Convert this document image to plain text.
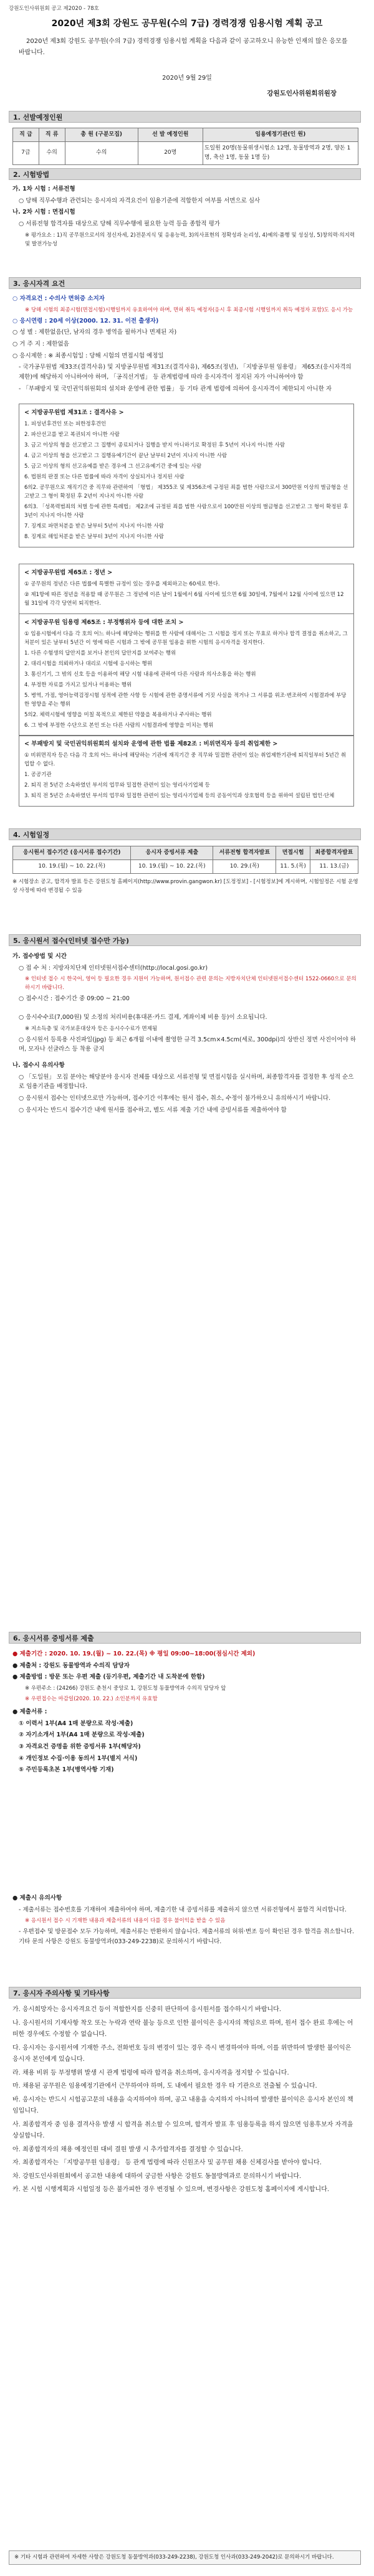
강원도인사위원회 공고 제2020 - 78호
2020년 제3회 강원도 공무원(수의 7급) 경력경쟁 임용시험 계획 공고

2020년 제3회 강원도 공무원(수의 7급) 경력경쟁 임용시험 계획을 다음과 같이 공고하오니 유능한 인재의 많은 응모를 바랍니다.

2020년 9월 29일
강원도인사위원회위원장
1. 선발예정인원
직 급	직 류	총 원 (구분모집)	선 발 예정인원	임용예정기관(인 원)
7급	수의	수의	20명	도일원 20명(동물위생시험소 12명, 동물방역과 2명, 양돈 1명, 축산 1명, 동물 1명 등)
2. 시험방법

가. 1차 시험 : 서류전형

○ 당해 직무수행과 관련되는 응시자의 자격요건이 임용기준에 적합한지 여부를 서면으로 심사

나. 2차 시험 : 면접시험

○ 서류전형 합격자를 대상으로 당해 직무수행에 필요한 능력 등을 종합적 평가

※ 평가요소 : 1)직 공무원으로서의 정신자세, 2)전문지식 및 응용능력, 3)의사표현의 정확성과 논리성, 4)예의·품행 및 성실성, 5)창의력·의지력 및 발전가능성

3. 응시자격 요건

○ 자격요건 : 수의사 면허증 소지자

※ 당해 시험의 최종시험(면접시험)시행일까지 유효하여야 하며, 면허 취득 예정자(응시 후 최종시험 시행일까지 취득 예정자 포함)도 응시 가능

○ 응시연령 : 20세 이상(2000. 12. 31. 이전 출생자)

○ 성 별 : 제한없음(단, 남자의 경우 병역을 필하거나 면제된 자)

○ 거 주 지 : 제한없음

○ 응시제한 : ※ 최종시험일 : 당해 시험의 면접시험 예정일

- 국가공무원법 제33조(결격사유) 및 지방공무원법 제31조(결격사유), 제65조(정년), 「지방공무원 임용령」 제65조(응시자격의 제한)에 해당하지 아니하여야 하며, 「공직선거법」 등 관계법령에 따라 응시자격이 정지된 자가 아니하여야 함

- 「부패방지 및 국민권익위원회의 설치와 운영에 관한 법률」 등 기타 관계 법령에 의하여 응시자격이 제한되지 아니한 자

< 지방공무원법 제31조 : 결격사유 >

1. 피성년후견인 또는 피한정후견인

2. 파산선고를 받고 복권되지 아니한 사람

3. 금고 이상의 형을 선고받고 그 집행이 종료되거나 집행을 받지 아니하기로 확정된 후 5년이 지나지 아니한 사람

4. 금고 이상의 형을 선고받고 그 집행유예기간이 끝난 날부터 2년이 지나지 아니한 사람

5. 금고 이상의 형의 선고유예를 받은 경우에 그 선고유예기간 중에 있는 사람

6. 법원의 판결 또는 다른 법률에 따라 자격이 상실되거나 정지된 사람

6의2. 공무원으로 재직기간 중 직무와 관련하여 「형법」 제355조 및 제356조에 규정된 죄를 범한 사람으로서 300만원 이상의 벌금형을 선고받고 그 형이 확정된 후 2년이 지나지 아니한 사람

6의3. 「성폭력범죄의 처벌 등에 관한 특례법」 제2조에 규정된 죄를 범한 사람으로서 100만원 이상의 벌금형을 선고받고 그 형이 확정된 후 3년이 지나지 아니한 사람

7. 징계로 파면처분을 받은 날부터 5년이 지나지 아니한 사람

8. 징계로 해임처분을 받은 날부터 3년이 지나지 아니한 사람

< 지방공무원법 제65조 : 정년 >

① 공무원의 정년은 다른 법률에 특별한 규정이 있는 경우를 제외하고는 60세로 한다.

② 제1항에 따른 정년을 적용할 때 공무원은 그 정년에 이른 날이 1월에서 6월 사이에 있으면 6월 30일에, 7월에서 12월 사이에 있으면 12월 31일에 각각 당연히 퇴직한다.

< 지방공무원 임용령 제65조 : 부정행위자 등에 대한 조치 >

① 임용시험에서 다음 각 호의 어느 하나에 해당하는 행위를 한 사람에 대해서는 그 시험을 정지 또는 무효로 하거나 합격 결정을 취소하고, 그 처분이 있은 날부터 5년간 이 영에 따른 시험과 그 밖에 공무원 임용을 위한 시험의 응시자격을 정지한다.

1. 다른 수험생의 답안지를 보거나 본인의 답안지를 보여주는 행위

2. 대리시험을 의뢰하거나 대리로 시험에 응시하는 행위

3. 통신기기, 그 밖의 신호 등을 이용하여 해당 시험 내용에 관하여 다른 사람과 의사소통을 하는 행위

4. 부정한 자료를 가지고 있거나 이용하는 행위

5. 병역, 가점, 영어능력검정시험 성적에 관한 사항 등 시험에 관한 증명서류에 거짓 사실을 적거나 그 서류를 위조·변조하여 시험결과에 부당한 영향을 주는 행위

5의2. 체력시험에 영향을 미칠 목적으로 제한된 약물을 복용하거나 주사하는 행위

6. 그 밖에 부정한 수단으로 본인 또는 다른 사람의 시험결과에 영향을 미치는 행위

< 부패방지 및 국민권익위원회의 설치와 운영에 관한 법률 제82조 : 비위면직자 등의 취업제한 >

① 비위면직자 등은 다음 각 호의 어느 하나에 해당하는 기관에 재직기간 중 직무와 밀접한 관련이 있는 취업제한기관에 퇴직일부터 5년간 취업할 수 없다.

1. 공공기관

2. 퇴직 전 5년간 소속하였던 부서의 업무와 밀접한 관련이 있는 영리사기업체 등

3. 퇴직 전 5년간 소속하였던 부서의 업무와 밀접한 관련이 있는 영리사기업체 등의 공동이익과 상호협력 등을 위하여 설립된 법인·단체

4. 시험일정
응시원서 접수기간 (응시서류 접수기간)	응시자 증빙서류 제출	서류전형 합격자발표	면접시험	최종합격자발표
10. 19.(월) ~ 10. 22.(목)	10. 19.(월) ~ 10. 22.(목)	10. 29.(목)	11. 5.(목)	11. 13.(금)

※ 시험장소 공고, 합격자 발표 등은 강원도청 홈페이지(http://www.provin.gangwon.kr) [도정정보] - [시험정보]에 게시하며, 시험일정은 시험 운영상 사정에 따라 변경될 수 있음

5. 응시원서 접수(인터넷 접수만 가능)

가. 접수방법 및 시간

○ 접 수 처 : 지방자치단체 인터넷원서접수센터(http://local.gosi.go.kr)

※ 인터넷 접수 시 한국어, 영어 등 필요한 경우 지원이 가능하며, 원서접수 관련 문의는 지방자치단체 인터넷원서접수센터 1522-0660으로 문의하시기 바랍니다.

○ 접수시간 : 접수기간 중 09:00 ~ 21:00

○ 응시수수료(7,000원) 및 소정의 처리비용(휴대폰·카드 결제, 계좌이체 비용 등)이 소요됩니다.

※ 저소득층 및 국가보훈대상자 등은 응시수수료가 면제됨

○ 응시원서 등록용 사진파일(jpg) 등 최근 6개월 이내에 촬영한 규격 3.5cm×4.5cm(세로, 300dpi)의 상반신 정면 사진이어야 하며, 모자나 선글라스 등 착용 금지

나. 접수시 유의사항

○ 「도일원」 모집 분야는 해당분야 응시자 전체를 대상으로 서류전형 및 면접시험을 실시하며, 최종합격자를 결정한 후 성적 순으로 임용기관을 배정합니다.

○ 응시원서 접수는 인터넷으로만 가능하며, 접수기간 이후에는 원서 접수, 취소, 수정이 불가하오니 유의하시기 바랍니다.

○ 응시자는 반드시 접수기간 내에 원서를 접수하고, 별도 서류 제출 기간 내에 증빙서류를 제출하여야 함

6. 응시서류 증빙서류 제출

● 제출기간 : 2020. 10. 19.(월) ~ 10. 22.(목) ※ 평일 09:00~18:00(점심시간 제외)

● 제출처 : 강원도 동물방역과 수의직 담당자

● 제출방법 : 방문 또는 우편 제출 (등기우편, 제출기간 내 도착분에 한함)

※ 우편주소 : (24266) 강원도 춘천시 중앙로 1, 강원도청 동물방역과 수의직 담당자 앞

※ 우편접수는 마감일(2020. 10. 22.) 소인분까지 유효함

● 제출서류 :

① 이력서 1부(A4 1매 분량으로 작성·제출)

② 자기소개서 1부(A4 1매 분량으로 작성·제출)

③ 자격요건 증명을 위한 증빙서류 1부(해당자)

④ 개인정보 수집·이용 동의서 1부(별지 서식)

⑤ 주민등록초본 1부(병역사항 기재)

● 제출시 유의사항

- 제출서류는 접수번호를 기재하여 제출하여야 하며, 제출기한 내 증빙서류를 제출하지 않으면 서류전형에서 불합격 처리합니다.

※ 응시원서 접수 시 기재한 내용과 제출서류의 내용이 다를 경우 불이익을 받을 수 있음

- 우편접수 및 방문접수 모두 가능하며, 제출서류는 반환하지 않습니다. 제출서류의 허위·변조 등이 확인된 경우 합격을 취소합니다. 기타 문의 사항은 강원도 동물방역과(033-249-2238)로 문의하시기 바랍니다.

7. 응시자 주의사항 및 기타사항

가. 응시희망자는 응시자격요건 등이 적합한지를 신중히 판단하여 응시원서를 접수하시기 바랍니다.

나. 응시원서의 기재사항 착오 또는 누락과 연락 불능 등으로 인한 불이익은 응시자의 책임으로 하며, 원서 접수 완료 후에는 어떠한 경우에도 수정할 수 없습니다.

다. 응시자는 응시원서에 기재한 주소, 전화번호 등의 변경이 있는 경우 즉시 변경하여야 하며, 이를 위반하여 발생한 불이익은 응시자 본인에게 있습니다.

라. 채용 비위 등 부정행위 발생 시 관계 법령에 따라 합격을 취소하며, 응시자격을 정지할 수 있습니다.

마. 채용된 공무원은 임용예정기관에서 근무하여야 하며, 도 내에서 필요한 경우 타 기관으로 전출될 수 있습니다.

바. 응시자는 반드시 시험공고문의 내용을 숙지하여야 하며, 공고 내용을 숙지하지 아니하여 발생한 불이익은 응시자 본인의 책임입니다.

사. 최종합격자 중 임용 결격사유 발생 시 합격을 취소할 수 있으며, 합격자 발표 후 임용등록을 하지 않으면 임용후보자 자격을 상실합니다.

아. 최종합격자의 채용 예정인원 대비 결원 발생 시 추가합격자를 결정할 수 있습니다.

자. 최종합격자는 「지방공무원 임용령」 등 관계 법령에 따라 신원조사 및 공무원 채용 신체검사를 받아야 합니다.

차. 강원도인사위원회에서 공고한 내용에 대하여 궁금한 사항은 강원도 동물방역과로 문의하시기 바랍니다.

카. 본 시험 시행계획과 시험일정 등은 불가피한 경우 변경될 수 있으며, 변경사항은 강원도청 홈페이지에 게시합니다.

※ 기타 시험과 관련하여 자세한 사항은 강원도청 동물방역과(033-249-2238), 강원도청 인사과(033-249-2042)로 문의하시기 바랍니다.
